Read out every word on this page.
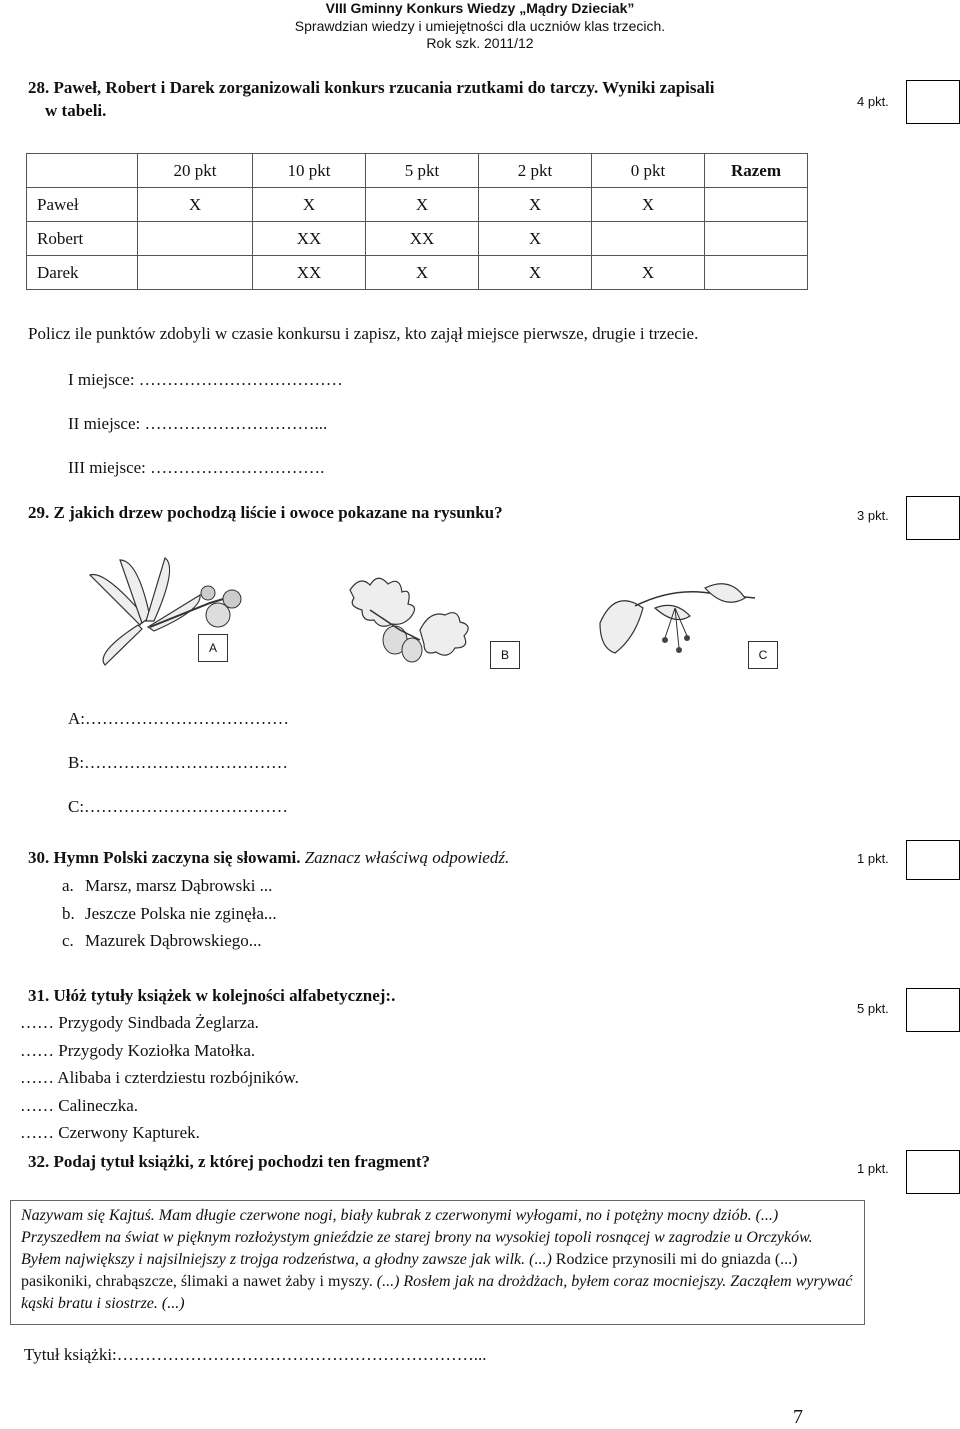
VIII Gminny Konkurs Wiedzy „Mądry Dzieciak”
Sprawdzian wiedzy i umiejętności dla uczniów klas trzecich.
Rok szk. 2011/12
28. Paweł, Robert i Darek zorganizowali konkurs rzucania rzutkami do tarczy. Wyniki zapisali
w tabeli.	4 pkt.
	20 pkt	10 pkt	5 pkt	2 pkt	0 pkt	Razem
Paweł	X	X	X	X	X	
Robert		XX	XX	X		
Darek		XX	X	X	X	
Policz ile punktów zdobyli w czasie konkursu i zapisz, kto zajął miejsce pierwsze, drugie i trzecie.
I miejsce: ………………………………
II miejsce: …………………………...
III miejsce: ………………………….
29. Z jakich drzew pochodzą liście i owoce pokazane na rysunku?	3 pkt.
A	B	C
A:………………………………
B:………………………………
C:………………………………
30. Hymn Polski zaczyna się słowami. Zaznacz właściwą odpowiedź.	1 pkt.
a. Marsz, marsz Dąbrowski ...
b. Jeszcze Polska nie zginęła...
c. Mazurek Dąbrowskiego...
31. Ułóż tytuły książek w kolejności alfabetycznej:.
5 pkt.
…… Przygody Sindbada Żeglarza.
…… Przygody Koziołka Matołka.
…… Alibaba i czterdziestu rozbójników.
…… Calineczka.
…… Czerwony Kapturek.
32. Podaj tytuł książki, z której pochodzi ten fragment?	1 pkt.
Nazywam się Kajtuś. Mam długie czerwone nogi, biały kubrak z czerwonymi wyłogami, no i potężny mocny dziób. (...) Przyszedłem na świat w pięknym rozłożystym gnieździe ze starej brony na wysokiej topoli rosnącej w zagrodzie u Orczyków. Byłem największy i najsilniejszy z trojga rodzeństwa, a głodny zawsze jak wilk. (...) Rodzice przynosili mi do gniazda (...) pasikoniki, chrabąszcze, ślimaki a nawet żaby i myszy. (...) Rosłem jak na drożdżach, byłem coraz mocniejszy. Zacząłem wyrywać kąski bratu i siostrze. (...)
Tytuł książki:………………………………………………………...
7
